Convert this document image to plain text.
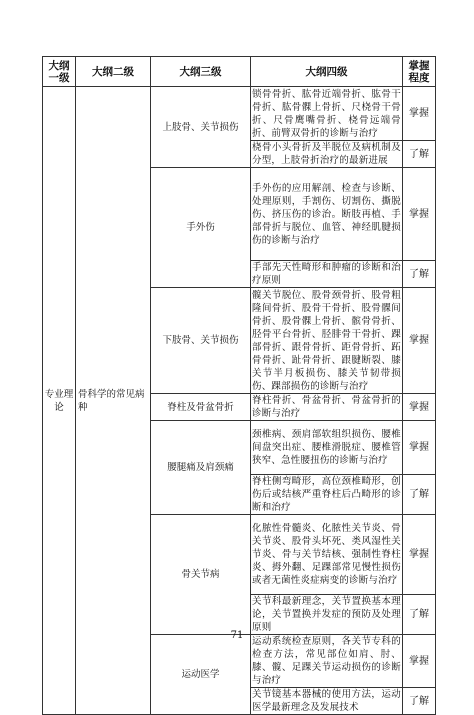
大纲一级	大纲二级	大纲三级	大纲四级	掌握程度
专业理论	骨科学的常见病种	上肢骨、关节损伤	锁骨骨折、肱骨近端骨折、肱骨干骨折、肱骨髁上骨折、尺桡骨干骨折、尺骨鹰嘴骨折、桡骨远端骨折、前臂双骨折的诊断与治疗	掌握
			桡骨小头骨折及半脱位及病机制及分型，上肢骨折治疗的最新进展	了解
		手外伤	手外伤的应用解剖、检查与诊断、处理原则，手割伤、切割伤、撕脱伤、挤压伤的诊治。断肢再植、手部骨折与脱位、血管、神经肌腱损伤的诊断与治疗	掌握
			手部先天性畸形和肿瘤的诊断和治疗原则	了解
		下肢骨、关节损伤	髋关节脱位、股骨颈骨折、股骨粗隆间骨折、股骨干骨折、股骨髁间骨折、股骨髁上骨折、髌骨骨折、胫骨平台骨折、胫腓骨干骨折、踝部骨折、跟骨骨折、距骨骨折、跖骨骨折、趾骨骨折、跟腱断裂、膝关节半月板损伤、膝关节韧带损伤、踝部损伤的诊断与治疗	掌握
		脊柱及骨盆骨折	脊柱骨折、骨盆骨折、骨盆骨折的诊断与治疗	掌握
		腰腿痛及肩颈痛	颈椎病、颈肩部软组织损伤、腰椎间盘突出症、腰椎滑脱症、腰椎管狭窄、急性腰扭伤的诊断与治疗	掌握
			脊柱侧弯畸形，高位颈椎畸形，创伤后或结核严重脊柱后凸畸形的诊断和治疗	了解
		骨关节病	化脓性骨髓炎、化脓性关节炎、骨关节炎、股骨头坏死、类风湿性关节炎、骨与关节结核、强制性脊柱炎、拇外翻、足踝部常见慢性损伤或者无菌性炎症病变的诊断与治疗	掌握
			关节科最新理念，关节置换基本理论，关节置换并发症的预防及处理原则	了解
		运动医学	运动系统检查原则，各关节专科的检查方法，常见部位如肩、肘、膝、髋、足踝关节运动损伤的诊断与治疗	掌握
			关节镜基本器械的使用方法，运动医学最新理念及发展技术	了解
71
